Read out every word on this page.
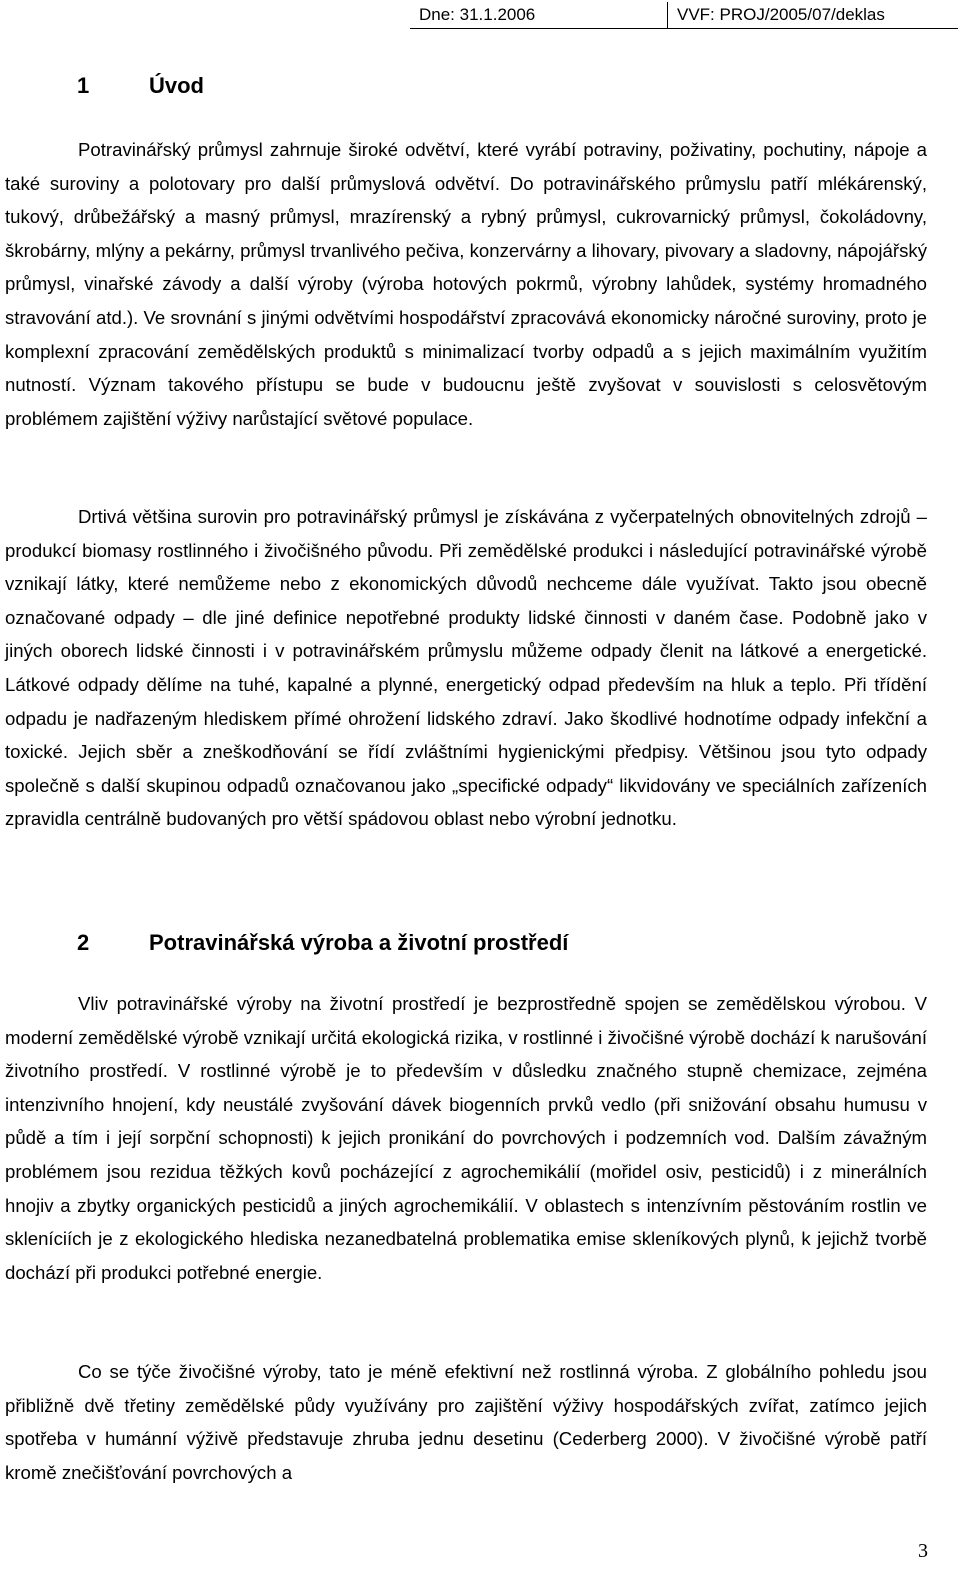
Dne: 31.1.2006	VVF: PROJ/2005/07/deklas
1	Úvod

Potravinářský průmysl zahrnuje široké odvětví, které vyrábí potraviny, poživatiny, pochutiny, nápoje a také suroviny a polotovary pro další průmyslová odvětví. Do potravinářského průmyslu patří mlékárenský, tukový, drůbežářský a masný průmysl, mrazírenský a rybný průmysl, cukrovarnický průmysl, čokoládovny, škrobárny, mlýny a pekárny, průmysl trvanlivého pečiva, konzervárny a lihovary, pivovary a sladovny, nápojářský průmysl, vinařské závody a další výroby (výroba hotových pokrmů, výrobny lahůdek, systémy hromadného stravování atd.). Ve srovnání s jinými odvětvími hospodářství zpracovává ekonomicky náročné suroviny, proto je komplexní zpracování zemědělských produktů s minimalizací tvorby odpadů a s jejich maximálním využitím nutností. Význam takového přístupu se bude v budoucnu ještě zvyšovat v souvislosti s celosvětovým problémem zajištění výživy narůstající světové populace.

Drtivá většina surovin pro potravinářský průmysl je získávána z vyčerpatelných obnovitelných zdrojů – produkcí biomasy rostlinného i živočišného původu. Při zemědělské produkci i následující potravinářské výrobě vznikají látky, které nemůžeme nebo z ekonomických důvodů nechceme dále využívat. Takto jsou obecně označované odpady – dle jiné definice nepotřebné produkty lidské činnosti v daném čase. Podobně jako v jiných oborech lidské činnosti i v potravinářském průmyslu můžeme odpady členit na látkové a energetické. Látkové odpady dělíme na tuhé, kapalné a plynné, energetický odpad především na hluk a teplo. Při třídění odpadu je nadřazeným hlediskem přímé ohrožení lidského zdraví. Jako škodlivé hodnotíme odpady infekční a toxické. Jejich sběr a zneškodňování se řídí zvláštními hygienickými předpisy. Většinou jsou tyto odpady společně s další skupinou odpadů označovanou jako „specifické odpady“ likvidovány ve speciálních zařízeních zpravidla centrálně budovaných pro větší spádovou oblast nebo výrobní jednotku.

2	Potravinářská výroba a životní prostředí

Vliv potravinářské výroby na životní prostředí je bezprostředně spojen se zemědělskou výrobou. V moderní zemědělské výrobě vznikají určitá ekologická rizika, v rostlinné i živočišné výrobě dochází k narušování životního prostředí. V rostlinné výrobě je to především v důsledku značného stupně chemizace, zejména intenzivního hnojení, kdy neustálé zvyšování dávek biogenních prvků vedlo (při snižování obsahu humusu v půdě a tím i její sorpční schopnosti) k jejich pronikání do povrchových i podzemních vod. Dalším závažným problémem jsou rezidua těžkých kovů pocházející z agrochemikálií (mořidel osiv, pesticidů) i z minerálních hnojiv a zbytky organických pesticidů a jiných agrochemikálií. V oblastech s intenzívním pěstováním rostlin ve skleníciích je z ekologického hlediska nezanedbatelná problematika emise skleníkových plynů, k jejichž tvorbě dochází při produkci potřebné energie.

Co se týče živočišné výroby, tato je méně efektivní než rostlinná výroba. Z globálního pohledu jsou přibližně dvě třetiny zemědělské půdy využívány pro zajištění výživy hospodářských zvířat, zatímco jejich spotřeba v humánní výživě představuje zhruba jednu desetinu (Cederberg 2000). V živočišné výrobě patří kromě znečišťování povrchových a

3
